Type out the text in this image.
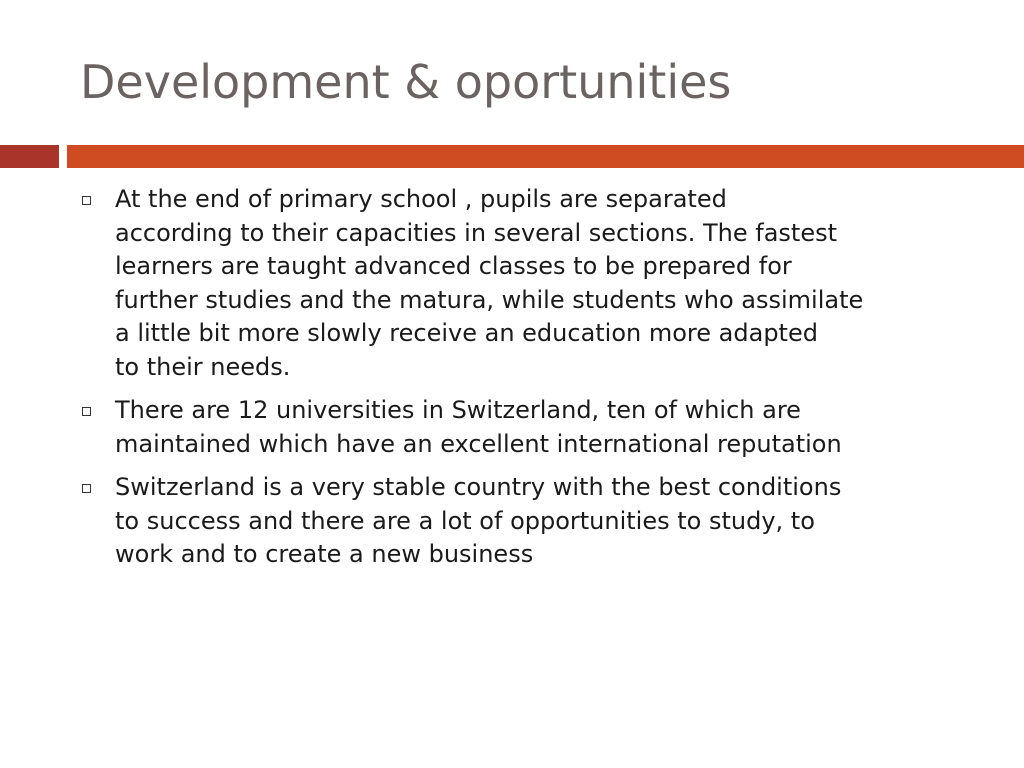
Development & oportunities
At the end of primary school , pupils are separated
according to their capacities in several sections. The fastest
learners are taught advanced classes to be prepared for
further studies and the matura, while students who assimilate
a little bit more slowly receive an education more adapted
to their needs.
There are 12 universities in Switzerland, ten of which are
maintained which have an excellent international reputation
Switzerland is a very stable country with the best conditions
to success and there are a lot of opportunities to study, to
work and to create a new business
